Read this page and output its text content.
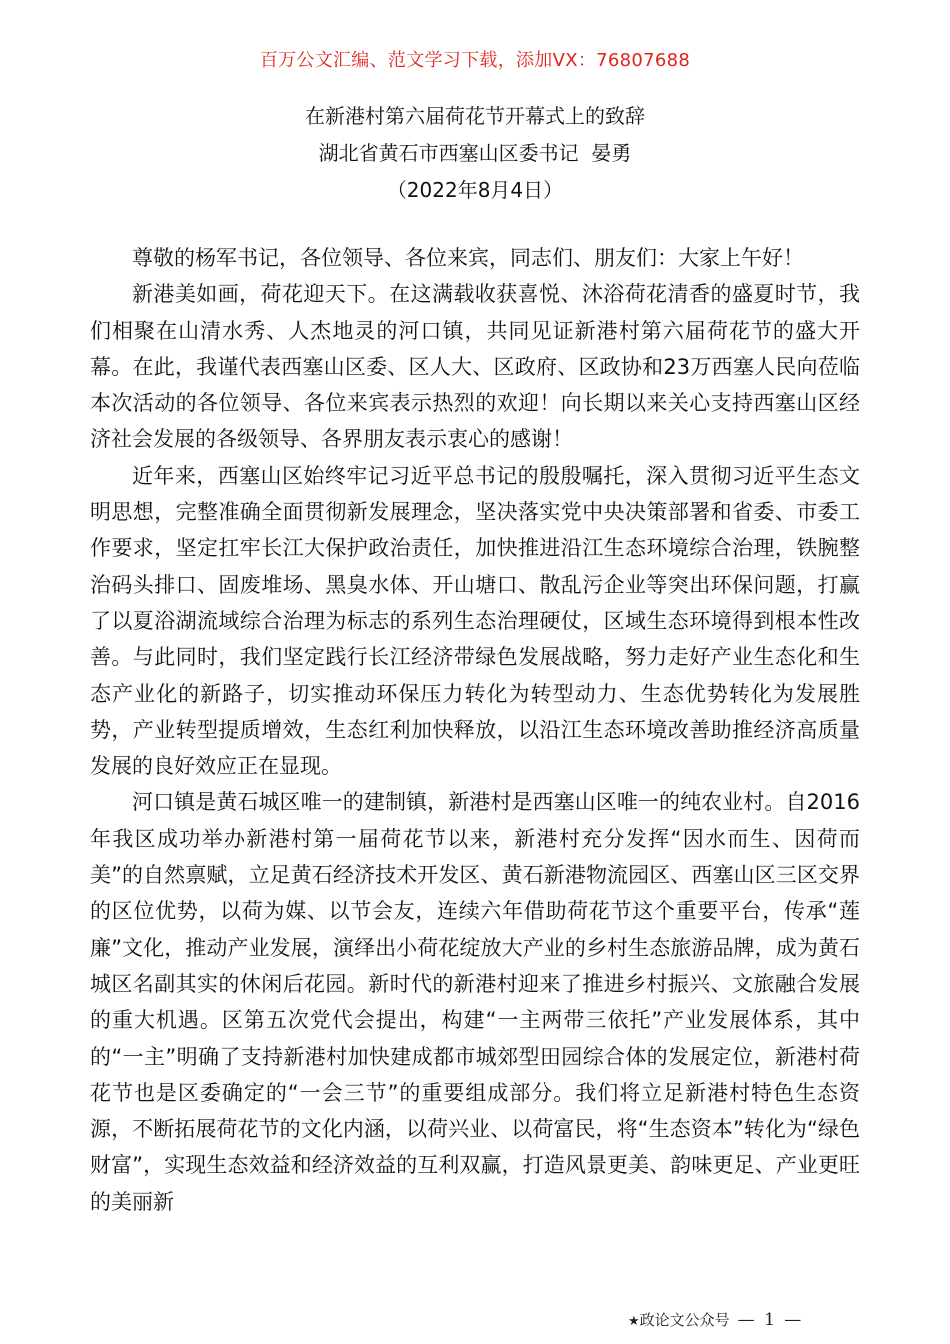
百万公文汇编、范文学习下载，添加VX：76807688
在新港村第六届荷花节开幕式上的致辞
湖北省黄石市西塞山区委书记  晏勇
（2022年8月4日）

尊敬的杨军书记，各位领导、各位来宾，同志们、朋友们：大家上午好！

新港美如画，荷花迎天下。在这满载收获喜悦、沐浴荷花清香的盛夏时节，我们相聚在山清水秀、人杰地灵的河口镇，共同见证新港村第六届荷花节的盛大开幕。在此，我谨代表西塞山区委、区人大、区政府、区政协和23万西塞人民向莅临本次活动的各位领导、各位来宾表示热烈的欢迎！向长期以来关心支持西塞山区经济社会发展的各级领导、各界朋友表示衷心的感谢！

近年来，西塞山区始终牢记习近平总书记的殷殷嘱托，深入贯彻习近平生态文明思想，完整准确全面贯彻新发展理念，坚决落实党中央决策部署和省委、市委工作要求，坚定扛牢长江大保护政治责任，加快推进沿江生态环境综合治理，铁腕整治码头排口、固废堆场、黑臭水体、开山塘口、散乱污企业等突出环保问题，打赢了以夏浴湖流域综合治理为标志的系列生态治理硬仗，区域生态环境得到根本性改善。与此同时，我们坚定践行长江经济带绿色发展战略，努力走好产业生态化和生态产业化的新路子，切实推动环保压力转化为转型动力、生态优势转化为发展胜势，产业转型提质增效，生态红利加快释放，以沿江生态环境改善助推经济高质量发展的良好效应正在显现。

河口镇是黄石城区唯一的建制镇，新港村是西塞山区唯一的纯农业村。自2016年我区成功举办新港村第一届荷花节以来，新港村充分发挥“因水而生、因荷而美”的自然禀赋，立足黄石经济技术开发区、黄石新港物流园区、西塞山区三区交界的区位优势，以荷为媒、以节会友，连续六年借助荷花节这个重要平台，传承“莲廉”文化，推动产业发展，演绎出小荷花绽放大产业的乡村生态旅游品牌，成为黄石城区名副其实的休闲后花园。新时代的新港村迎来了推进乡村振兴、文旅融合发展的重大机遇。区第五次党代会提出，构建“一主两带三依托”产业发展体系，其中的“一主”明确了支持新港村加快建成都市城郊型田园综合体的发展定位，新港村荷花节也是区委确定的“一会三节”的重要组成部分。我们将立足新港村特色生态资源，不断拓展荷花节的文化内涵，以荷兴业、以荷富民，将“生态资本”转化为“绿色财富”，实现生态效益和经济效益的互利双赢，打造风景更美、韵味更足、产业更旺的美丽新

★政论文公众号 — 1 —
